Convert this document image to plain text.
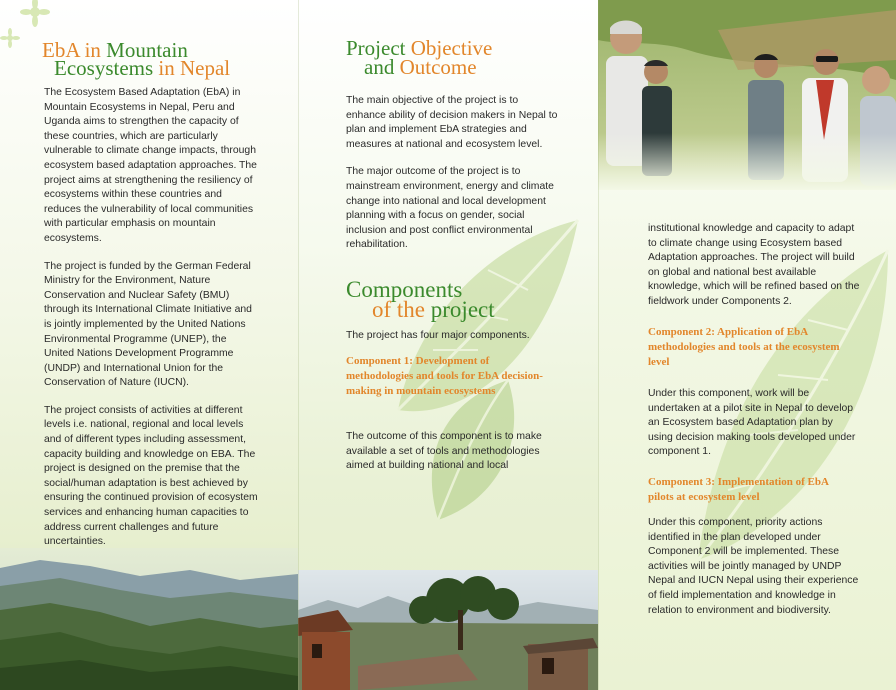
EbA in Mountain
Ecosystems in Nepal

The Ecosystem Based Adaptation (EbA) in Mountain Ecosystems in Nepal, Peru and Uganda aims to strengthen the capacity of these countries, which are particularly vulnerable to climate change impacts, through ecosystem based adaptation approaches. The project aims at strengthening the resiliency of ecosystems within these countries and reduces the vulnerability of local communities with particular emphasis on mountain ecosystems.

The project is funded by the German Federal Ministry for the Environment, Nature Conservation and Nuclear Safety (BMU) through its International Climate Initiative and is jointly implemented by the United Nations Environmental Programme (UNEP), the United Nations Development Programme (UNDP) and International Union for the Conservation of Nature (IUCN).

The project consists of activities at different levels i.e. national, regional and local levels and of different types including assessment, capacity building and knowledge on EBA. The project is designed on the premise that the social/human adaptation is best achieved by ensuring the continued provision of ecosystem services and enhancing human capacities to address current challenges and future uncertainties.

Project Objective
and Outcome

The main objective of the project is to enhance ability of decision makers in Nepal to plan and implement EbA strategies and measures at national and ecosystem level.

The major outcome of the project is to mainstream environment, energy and climate change into national and local development planning with a focus on gender, social inclusion and post conflict environmental rehabilitation.

Components
of the project
The project has four major components.
Component 1: Development of methodologies and tools for EbA decision-making in mountain ecosystems
The outcome of this component is to make available a set of tools and methodologies aimed at building national and local
institutional knowledge and capacity to adapt to climate change using Ecosystem based Adaptation approaches. The project will build on global and national best available knowledge, which will be refined based on the fieldwork under Components 2.
Component 2: Application of EbA methodologies and tools at the ecosystem level
Under this component, work will be undertaken at a pilot site in Nepal to develop an Ecosystem based Adaptation plan by using decision making tools developed under component 1.
Component 3: Implementation of EbA pilots at ecosystem level
Under this component, priority actions identified in the plan developed under Component 2 will be implemented. These activities will be jointly managed by UNDP Nepal and IUCN Nepal using their experience of field implementation and knowledge in relation to environment and biodiversity.
